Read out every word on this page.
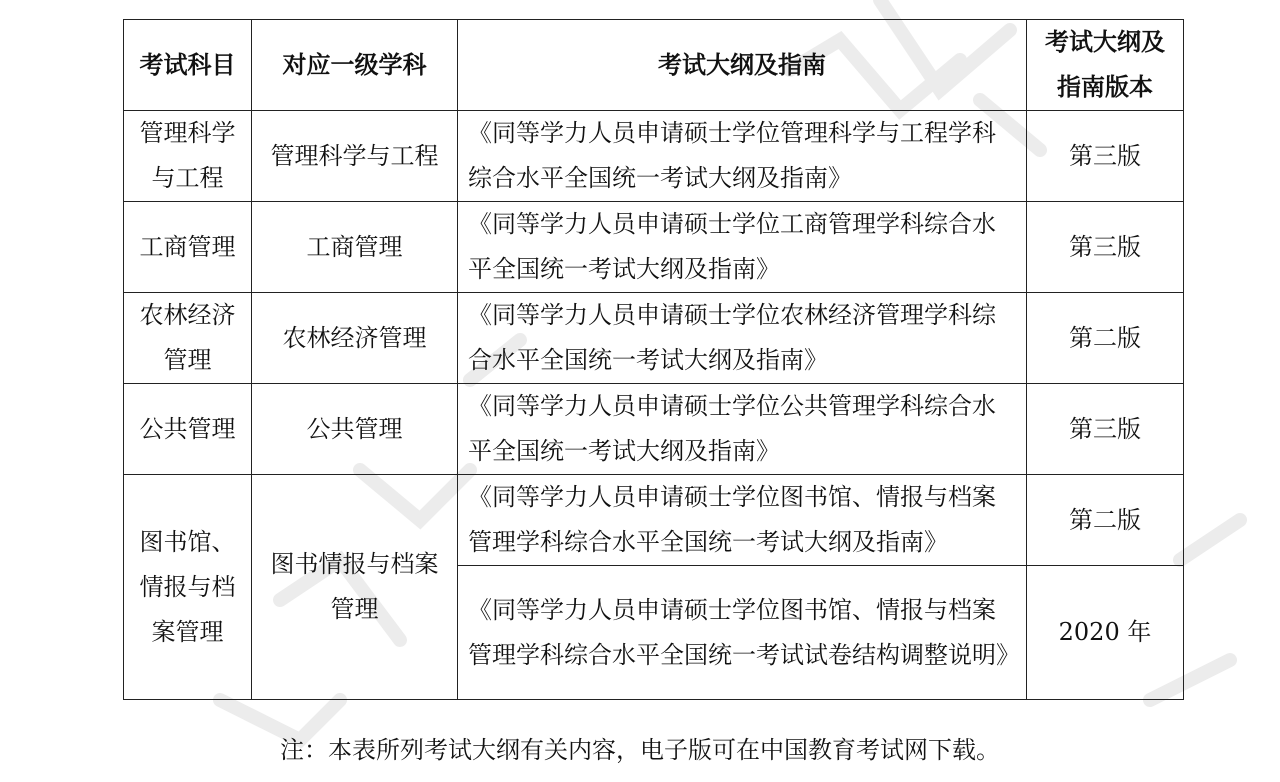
考试科目	对应一级学科	考试大纲及指南	考试大纲及指南版本
管理科学与工程	管理科学与工程	《同等学力人员申请硕士学位管理科学与工程学科综合水平全国统一考试大纲及指南》	第三版
工商管理	工商管理	《同等学力人员申请硕士学位工商管理学科综合水平全国统一考试大纲及指南》	第三版
农林经济管理	农林经济管理	《同等学力人员申请硕士学位农林经济管理学科综合水平全国统一考试大纲及指南》	第二版
公共管理	公共管理	《同等学力人员申请硕士学位公共管理学科综合水平全国统一考试大纲及指南》	第三版
图书馆、情报与档案管理	图书情报与档案管理	《同等学力人员申请硕士学位图书馆、情报与档案管理学科综合水平全国统一考试大纲及指南》	第二版
		《同等学力人员申请硕士学位图书馆、情报与档案管理学科综合水平全国统一考试试卷结构调整说明》	2020 年
注：本表所列考试大纲有关内容，电子版可在中国教育考试网下载。
